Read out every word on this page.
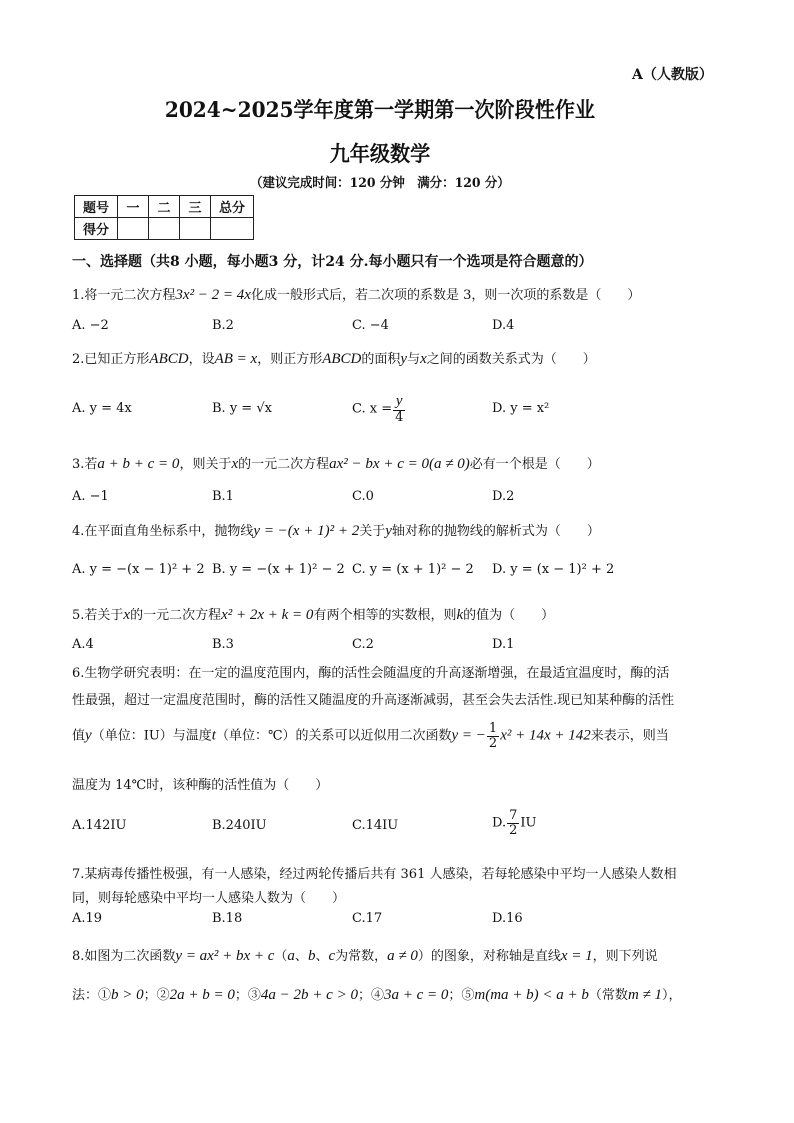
A（人教版）
2024~2025学年度第一学期第一次阶段性作业
九年级数学
（建议完成时间：120 分钟　满分：120 分）
题号	一	二	三	总分
得分				
一、选择题（共8 小题，每小题3 分，计24 分.每小题只有一个选项是符合题意的）
1.将一元二次方程3x² − 2 = 4x化成一般形式后，若二次项的系数是 3，则一次项的系数是（　　）
A. −2	B.2	C. −4	D.4
2.已知正方形ABCD，设AB = x，则正方形ABCD的面积y与x之间的函数关系式为（　　）
A. y = 4x	B. y = √x	C. $x = \frac{y}{4}$	D. y = x²
3.若a + b + c = 0，则关于x的一元二次方程ax² − bx + c = 0(a ≠ 0)必有一个根是（　　）
A. −1	B.1	C.0	D.2
4.在平面直角坐标系中，抛物线y = −(x + 1)² + 2关于y轴对称的抛物线的解析式为（　　）
A. y = −(x − 1)² + 2 B. y = −(x + 1)² − 2 C. y = (x + 1)² − 2 D. y = (x − 1)² + 2
5.若关于x的一元二次方程x² + 2x + k = 0有两个相等的实数根，则k的值为（　　）
A.4	B.3	C.2	D.1
6.生物学研究表明：在一定的温度范围内，酶的活性会随温度的升高逐渐增强，在最适宜温度时，酶的活
性最强，超过一定温度范围时，酶的活性又随温度的升高逐渐减弱，甚至会失去活性.现已知某种酶的活性
值y（单位：IU）与温度t（单位：℃）的关系可以近似用二次函数y = − $\frac{1}{2} x^2 + 14x + 142$来表示，则当
温度为 14℃时，该种酶的活性值为（　　）
A.142IU	B.240IU	C.14IU	D. $\frac{7}{2}$ IU
7.某病毒传播性极强，有一人感染，经过两轮传播后共有 361 人感染，若每轮感染中平均一人感染人数相
同，则每轮感染中平均一人感染人数为（　　）
A.19	B.18	C.17	D.16
8.如图为二次函数y = ax² + bx + c（a、b、c为常数，a ≠ 0）的图象，对称轴是直线x = 1，则下列说
法：①b > 0；②2a + b = 0；③4a − 2b + c > 0；④3a + c = 0；⑤m(ma + b) < a + b（常数m ≠ 1），
